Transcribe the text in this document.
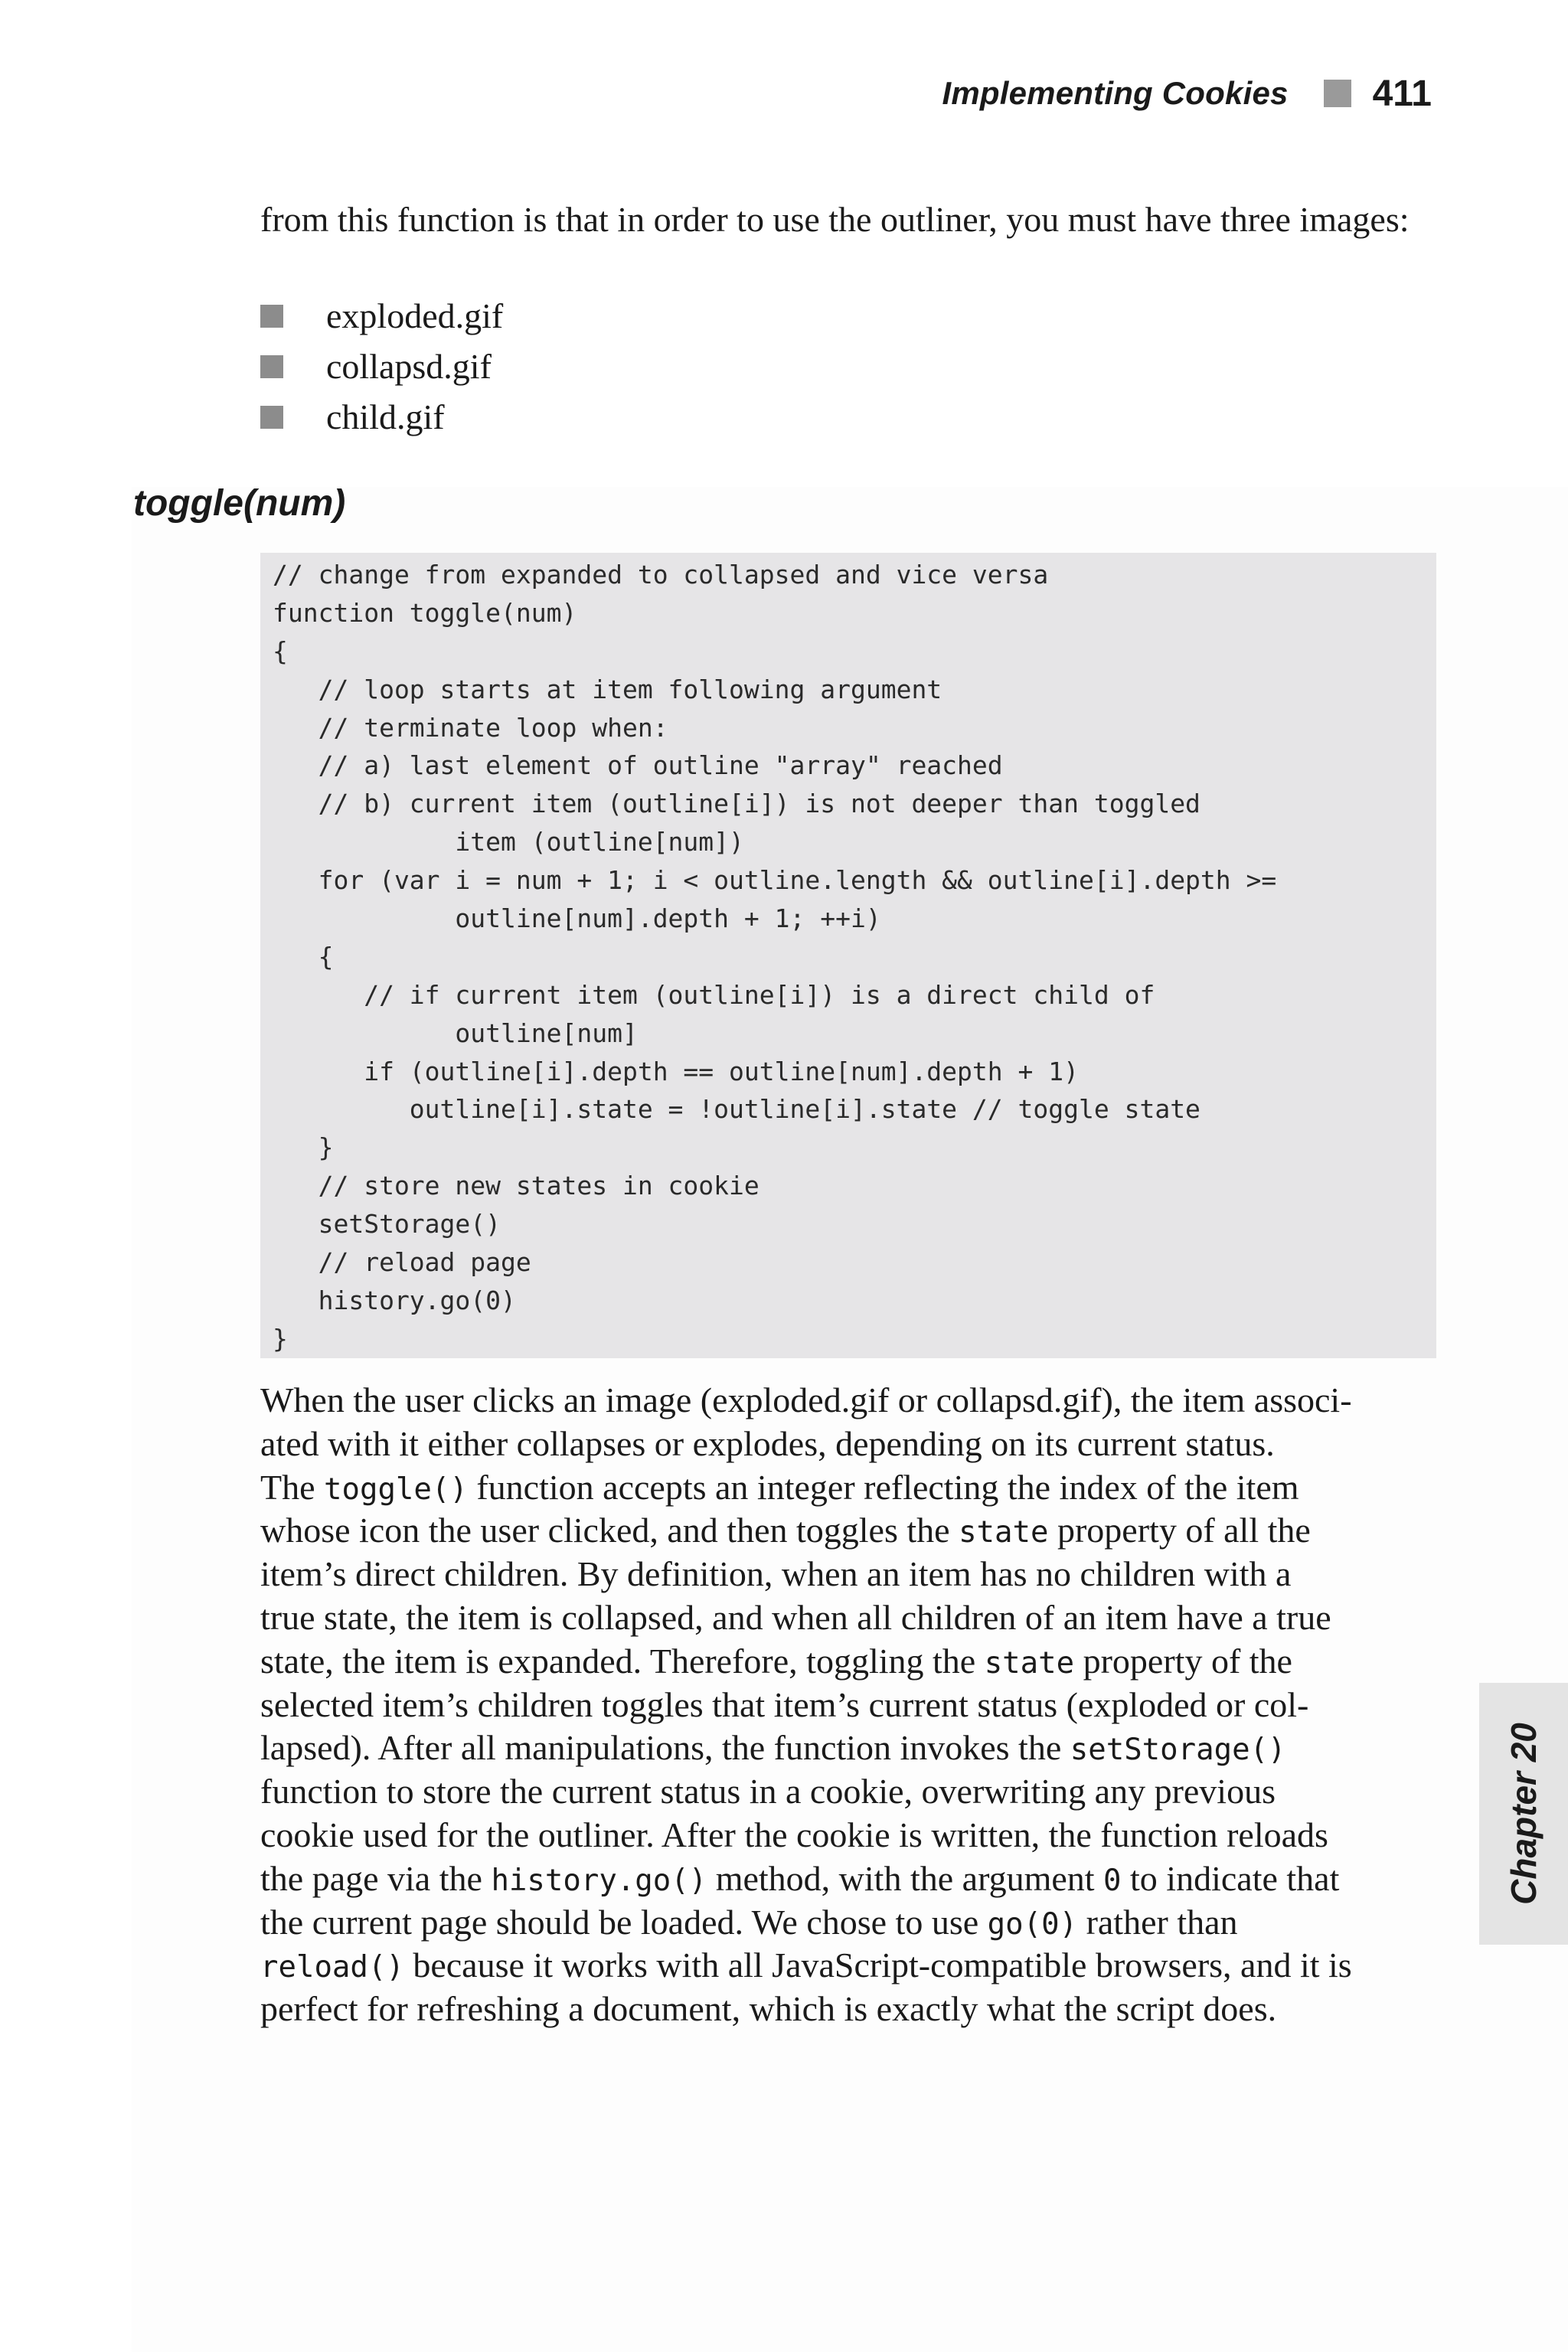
Implementing Cookies 411

from this function is that in order to use the outliner, you must have three images:

exploded.gif
collapsd.gif
child.gif
toggle(num)
// change from expanded to collapsed and vice versa
function toggle(num)
{
// loop starts at item following argument
// terminate loop when:
// a) last element of outline "array" reached
// b) current item (outline[i]) is not deeper than toggled
item (outline[num])
for (var i = num + 1; i < outline.length && outline[i].depth >=
outline[num].depth + 1; ++i)
{
// if current item (outline[i]) is a direct child of
outline[num]
if (outline[i].depth == outline[num].depth + 1)
outline[i].state = !outline[i].state // toggle state
}
// store new states in cookie
setStorage()
// reload page
history.go(0)
}
When the user clicks an image (exploded.gif or collapsd.gif), the item associ-
ated with it either collapses or explodes, depending on its current status.
The toggle() function accepts an integer reflecting the index of the item
whose icon the user clicked, and then toggles the state property of all the
item’s direct children. By definition, when an item has no children with a
true state, the item is collapsed, and when all children of an item have a true
state, the item is expanded. Therefore, toggling the state property of the
selected item’s children toggles that item’s current status (exploded or col-
lapsed). After all manipulations, the function invokes the setStorage()
function to store the current status in a cookie, overwriting any previous
cookie used for the outliner. After the cookie is written, the function reloads
the page via the history.go() method, with the argument 0 to indicate that
the current page should be loaded. We chose to use go(0) rather than
reload() because it works with all JavaScript-compatible browsers, and it is
perfect for refreshing a document, which is exactly what the script does.
Chapter 20
